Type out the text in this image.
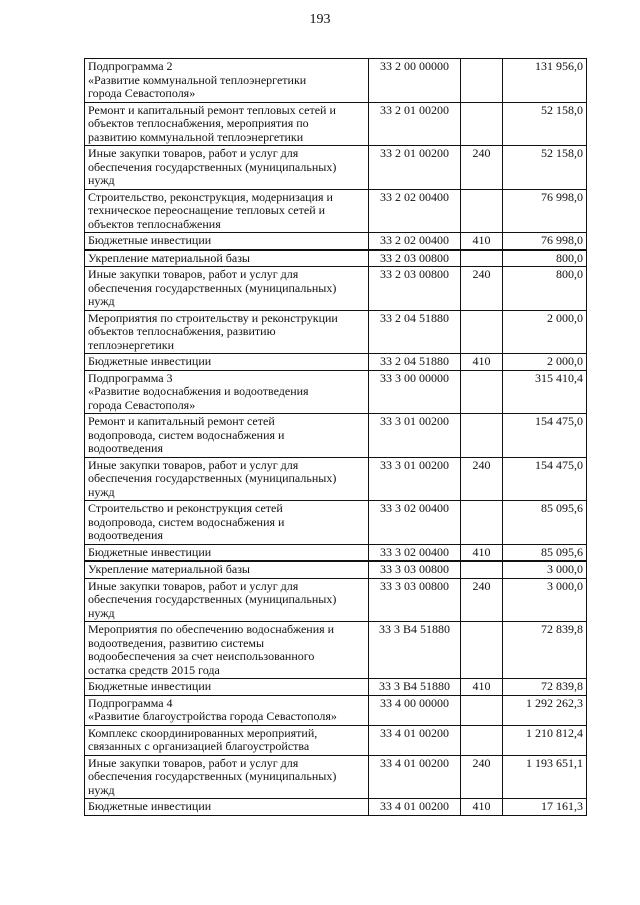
193
Подпрограмма 2
«Развитие коммунальной теплоэнергетики
города Севастополя»	33 2 00 00000		131 956,0
Ремонт и капитальный ремонт тепловых сетей и
объектов теплоснабжения, мероприятия по
развитию коммунальной теплоэнергетики	33 2 01 00200		52 158,0
Иные закупки товаров, работ и услуг для
обеспечения государственных (муниципальных)
нужд	33 2 01 00200	240	52 158,0
Строительство, реконструкция, модернизация и
техническое переоснащение тепловых сетей и
объектов теплоснабжения	33 2 02 00400		76 998,0
Бюджетные инвестиции	33 2 02 00400	410	76 998,0
Укрепление материальной базы	33 2 03 00800		800,0
Иные закупки товаров, работ и услуг для
обеспечения государственных (муниципальных)
нужд	33 2 03 00800	240	800,0
Мероприятия по строительству и реконструкции
объектов теплоснабжения, развитию
теплоэнергетики	33 2 04 51880		2 000,0
Бюджетные инвестиции	33 2 04 51880	410	2 000,0
Подпрограмма 3
«Развитие водоснабжения и водоотведения
города Севастополя»	33 3 00 00000		315 410,4
Ремонт и капитальный ремонт сетей
водопровода, систем водоснабжения и
водоотведения	33 3 01 00200		154 475,0
Иные закупки товаров, работ и услуг для
обеспечения государственных (муниципальных)
нужд	33 3 01 00200	240	154 475,0
Строительство и реконструкция сетей
водопровода, систем водоснабжения и
водоотведения	33 3 02 00400		85 095,6
Бюджетные инвестиции	33 3 02 00400	410	85 095,6
Укрепление материальной базы	33 3 03 00800		3 000,0
Иные закупки товаров, работ и услуг для
обеспечения государственных (муниципальных)
нужд	33 3 03 00800	240	3 000,0
Мероприятия по обеспечению водоснабжения и
водоотведения, развитию системы
водообеспечения за счет неиспользованного
остатка средств 2015 года	33 3 B4 51880		72 839,8
Бюджетные инвестиции	33 3 B4 51880	410	72 839,8
Подпрограмма 4
«Развитие благоустройства города Севастополя»	33 4 00 00000		1 292 262,3
Комплекс скоординированных мероприятий,
связанных с организацией благоустройства	33 4 01 00200		1 210 812,4
Иные закупки товаров, работ и услуг для
обеспечения государственных (муниципальных)
нужд	33 4 01 00200	240	1 193 651,1
Бюджетные инвестиции	33 4 01 00200	410	17 161,3
